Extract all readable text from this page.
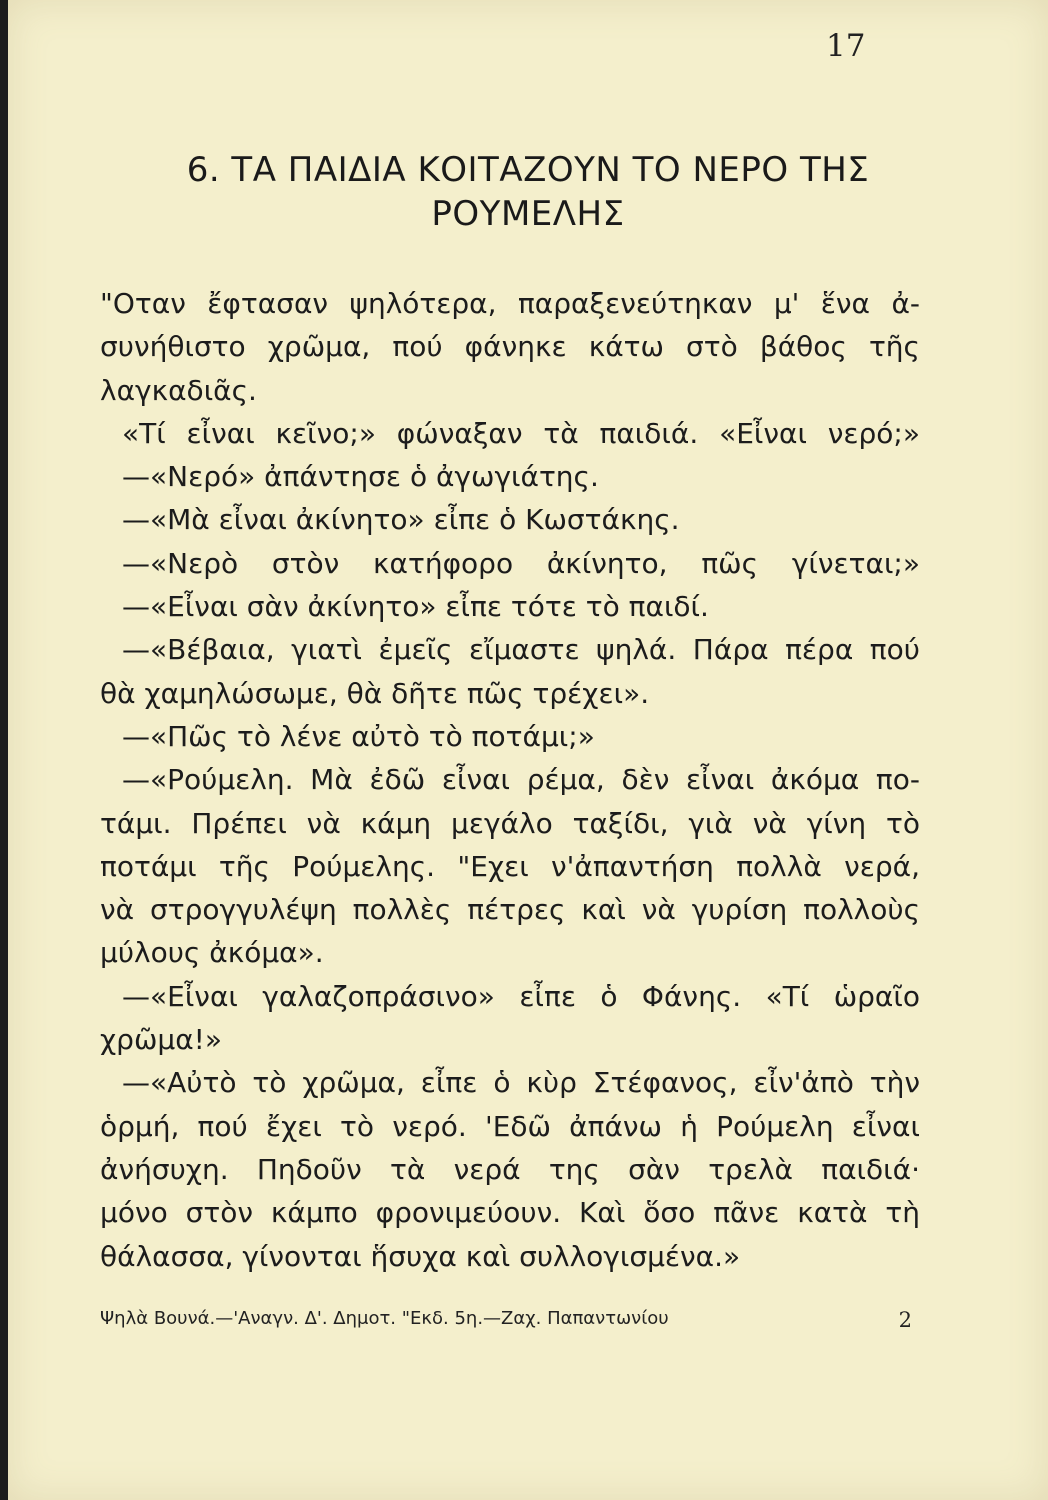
17
6. ΤΑ ΠΑΙΔΙΑ ΚΟΙΤΑΖΟΥΝ ΤΟ ΝΕΡΟ ΤΗΣ
ΡΟΥΜΕΛΗΣ
"Οταν ἔφτασαν ψηλότερα, παραξενεύτηκαν μ' ἕνα ἀ-
συνήθιστο χρῶμα, πού φάνηκε κάτω στὸ βάθος τῆς
λαγκαδιᾶς.
«Τί εἶναι κεῖνο;» φώναξαν τὰ παιδιά. «Εἶναι νερό;»
—«Νερό» ἀπάντησε ὁ ἀγωγιάτης.
—«Μὰ εἶναι ἀκίνητο» εἶπε ὁ Κωστάκης.
—«Νερὸ στὸν κατήφορο ἀκίνητο, πῶς γίνεται;»
—«Εἶναι σὰν ἀκίνητο» εἶπε τότε τὸ παιδί.
—«Βέβαια, γιατὶ ἐμεῖς εἴμαστε ψηλά. Πάρα πέρα πού
θὰ χαμηλώσωμε, θὰ δῆτε πῶς τρέχει».
—«Πῶς τὸ λένε αὐτὸ τὸ ποτάμι;»
—«Ρούμελη. Μὰ ἐδῶ εἶναι ρέμα, δὲν εἶναι ἀκόμα πο-
τάμι. Πρέπει νὰ κάμη μεγάλο ταξίδι, γιὰ νὰ γίνη τὸ
ποτάμι τῆς Ρούμελης. "Εχει ν'ἀπαντήση πολλὰ νερά,
νὰ στρογγυλέψη πολλὲς πέτρες καὶ νὰ γυρίση πολλοὺς
μύλους ἀκόμα».
—«Εἶναι γαλαζοπράσινο» εἶπε ὁ Φάνης. «Τί ὡραῖο
χρῶμα!»
—«Αὐτὸ τὸ χρῶμα, εἶπε ὁ κὺρ Στέφανος, εἶν'ἀπὸ τὴν
ὁρμή, πού ἔχει τὸ νερό. 'Εδῶ ἀπάνω ἡ Ρούμελη εἶναι
ἀνήσυχη. Πηδοῦν τὰ νερά της σὰν τρελὰ παιδιά·
μόνο στὸν κάμπο φρονιμεύουν. Καὶ ὅσο πᾶνε κατὰ τὴ
θάλασσα, γίνονται ἥσυχα καὶ συλλογισμένα.»
Ψηλὰ Βουνά.—'Αναγν. Δ'. Δημοτ. "Εκδ. 5η.—Ζαχ. Παπαντωνίου	2
